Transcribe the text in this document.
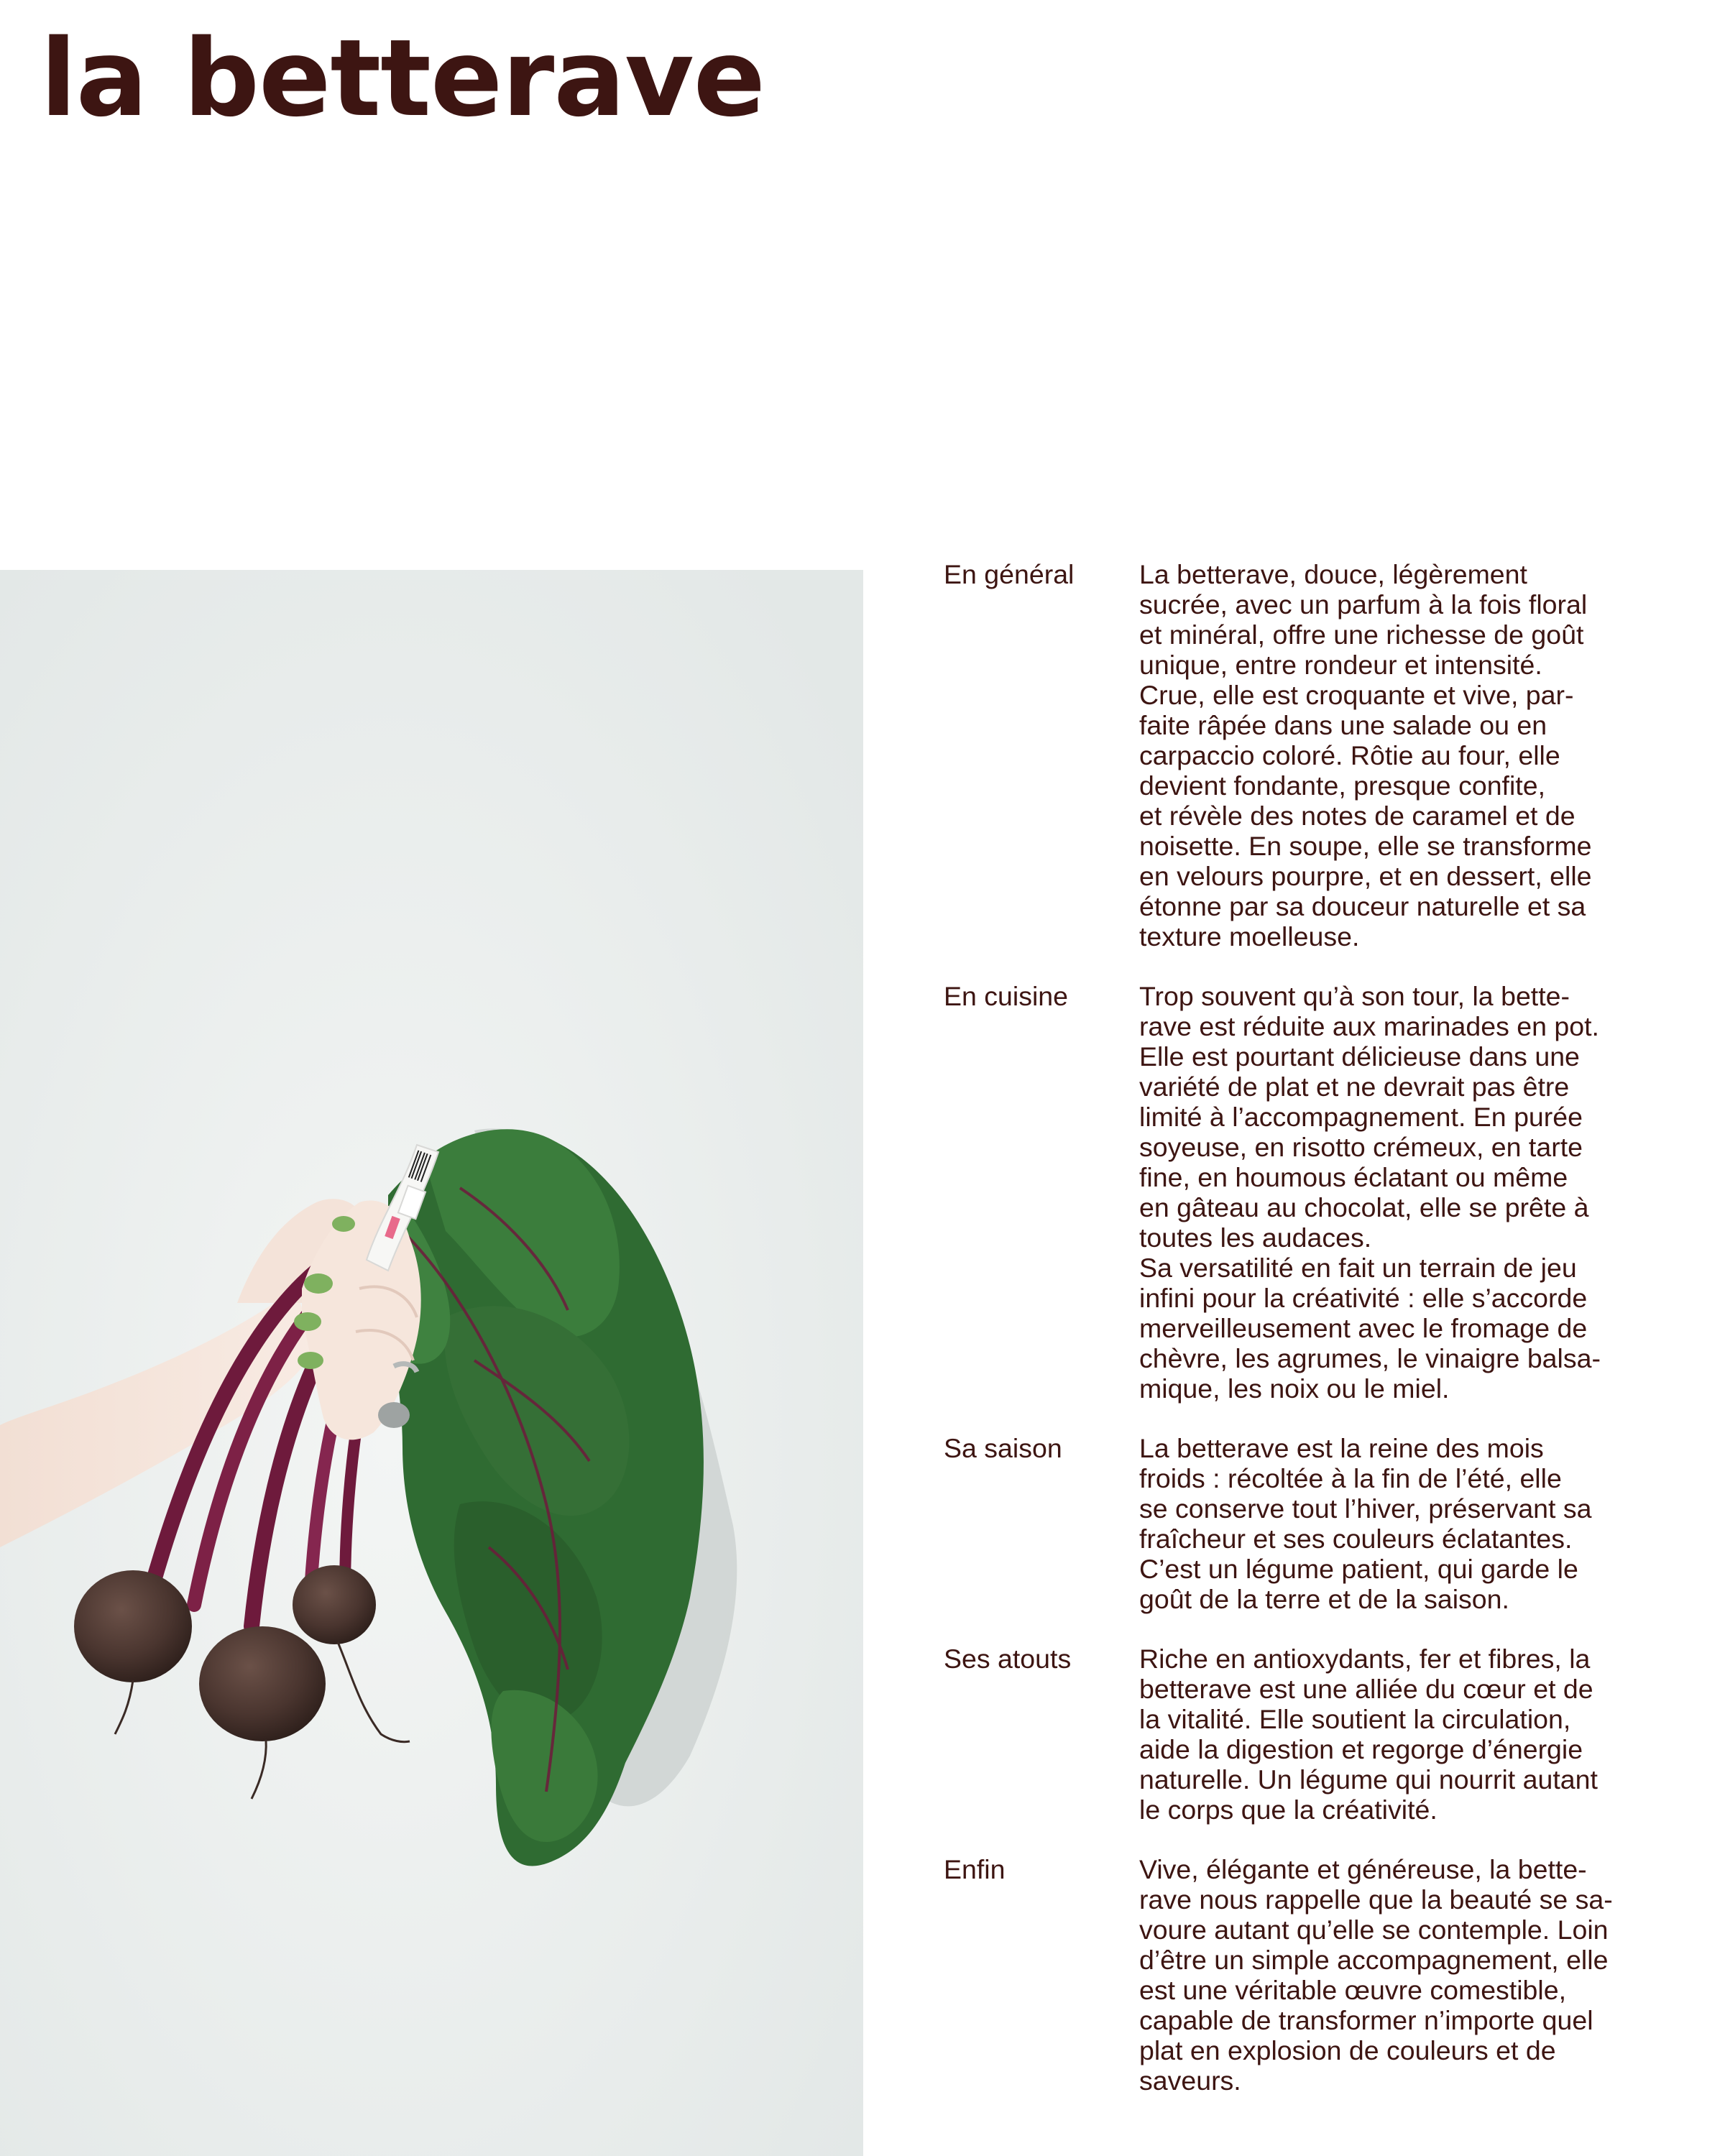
la betterave
En général	La betterave, douce, légèrement
sucrée, avec un parfum à la fois floral
et minéral, offre une richesse de goût
unique, entre rondeur et intensité.
Crue, elle est croquante et vive, par-
faite râpée dans une salade ou en
carpaccio coloré. Rôtie au four, elle
devient fondante, presque confite,
et révèle des notes de caramel et de
noisette. En soupe, elle se transforme
en velours pourpre, et en dessert, elle
étonne par sa douceur naturelle et sa
texture moelleuse.

En cuisine	Trop souvent qu’à son tour, la bette-
rave est réduite aux marinades en pot.
Elle est pourtant délicieuse dans une
variété de plat et ne devrait pas être
limité à l’accompagnement. En purée
soyeuse, en risotto crémeux, en tarte
fine, en houmous éclatant ou même
en gâteau au chocolat, elle se prête à
toutes les audaces.
Sa versatilité en fait un terrain de jeu
infini pour la créativité : elle s’accorde
merveilleusement avec le fromage de
chèvre, les agrumes, le vinaigre balsa-
mique, les noix ou le miel.

Sa saison	La betterave est la reine des mois
froids : récoltée à la fin de l’été, elle
se conserve tout l’hiver, préservant sa
fraîcheur et ses couleurs éclatantes.
C’est un légume patient, qui garde le
goût de la terre et de la saison.

Ses atouts	Riche en antioxydants, fer et fibres, la
betterave est une alliée du cœur et de
la vitalité. Elle soutient la circulation,
aide la digestion et regorge d’énergie
naturelle. Un légume qui nourrit autant
le corps que la créativité.

Enfin	Vive, élégante et généreuse, la bette-
rave nous rappelle que la beauté se sa-
voure autant qu’elle se contemple. Loin
d’être un simple accompagnement, elle
est une véritable œuvre comestible,
capable de transformer n’importe quel
plat en explosion de couleurs et de
saveurs.
